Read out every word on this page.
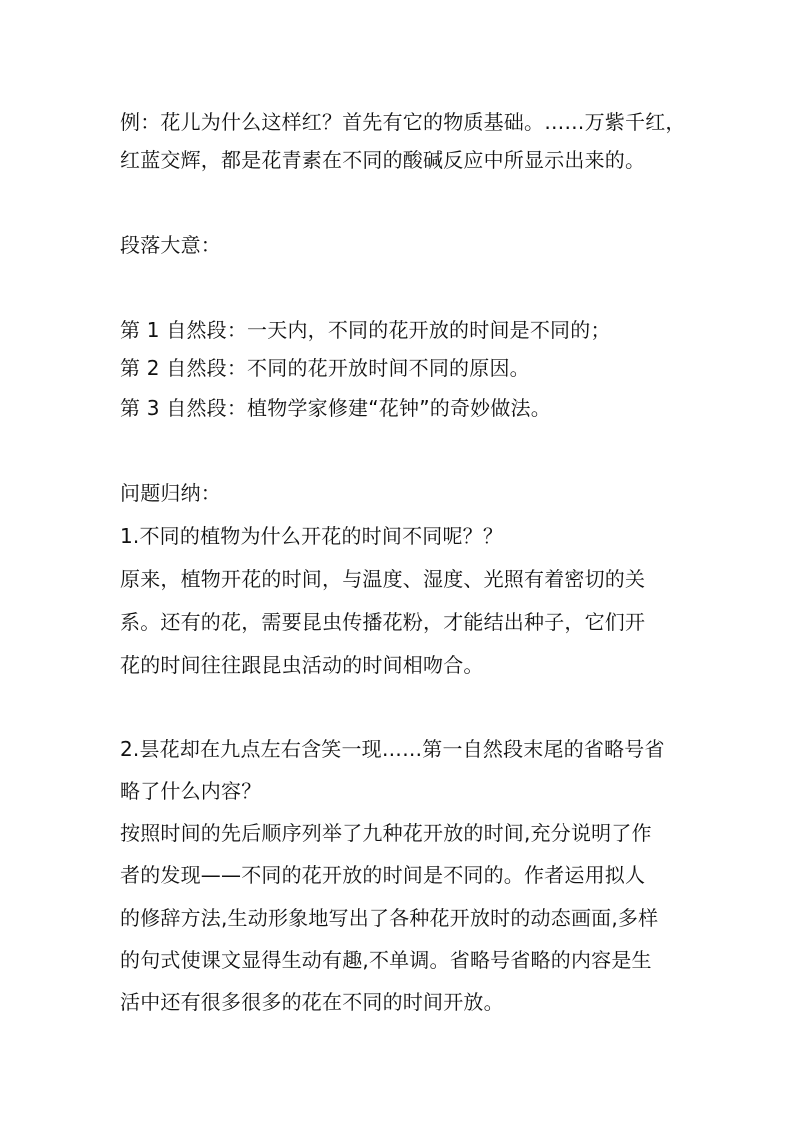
例：花儿为什么这样红？首先有它的物质基础。……万紫千红，
红蓝交辉，都是花青素在不同的酸碱反应中所显示出来的。
段落大意：
第 1 自然段：一天内，不同的花开放的时间是不同的；
第 2 自然段：不同的花开放时间不同的原因。
第 3 自然段：植物学家修建“花钟”的奇妙做法。
问题归纳：
1.不同的植物为什么开花的时间不同呢？？
原来，植物开花的时间，与温度、湿度、光照有着密切的关
系。还有的花，需要昆虫传播花粉，才能结出种子，它们开
花的时间往往跟昆虫活动的时间相吻合。
2.昙花却在九点左右含笑一现……第一自然段末尾的省略号省
略了什么内容？
按照时间的先后顺序列举了九种花开放的时间,充分说明了作
者的发现——不同的花开放的时间是不同的。作者运用拟人
的修辞方法,生动形象地写出了各种花开放时的动态画面,多样
的句式使课文显得生动有趣,不单调。省略号省略的内容是生
活中还有很多很多的花在不同的时间开放。
